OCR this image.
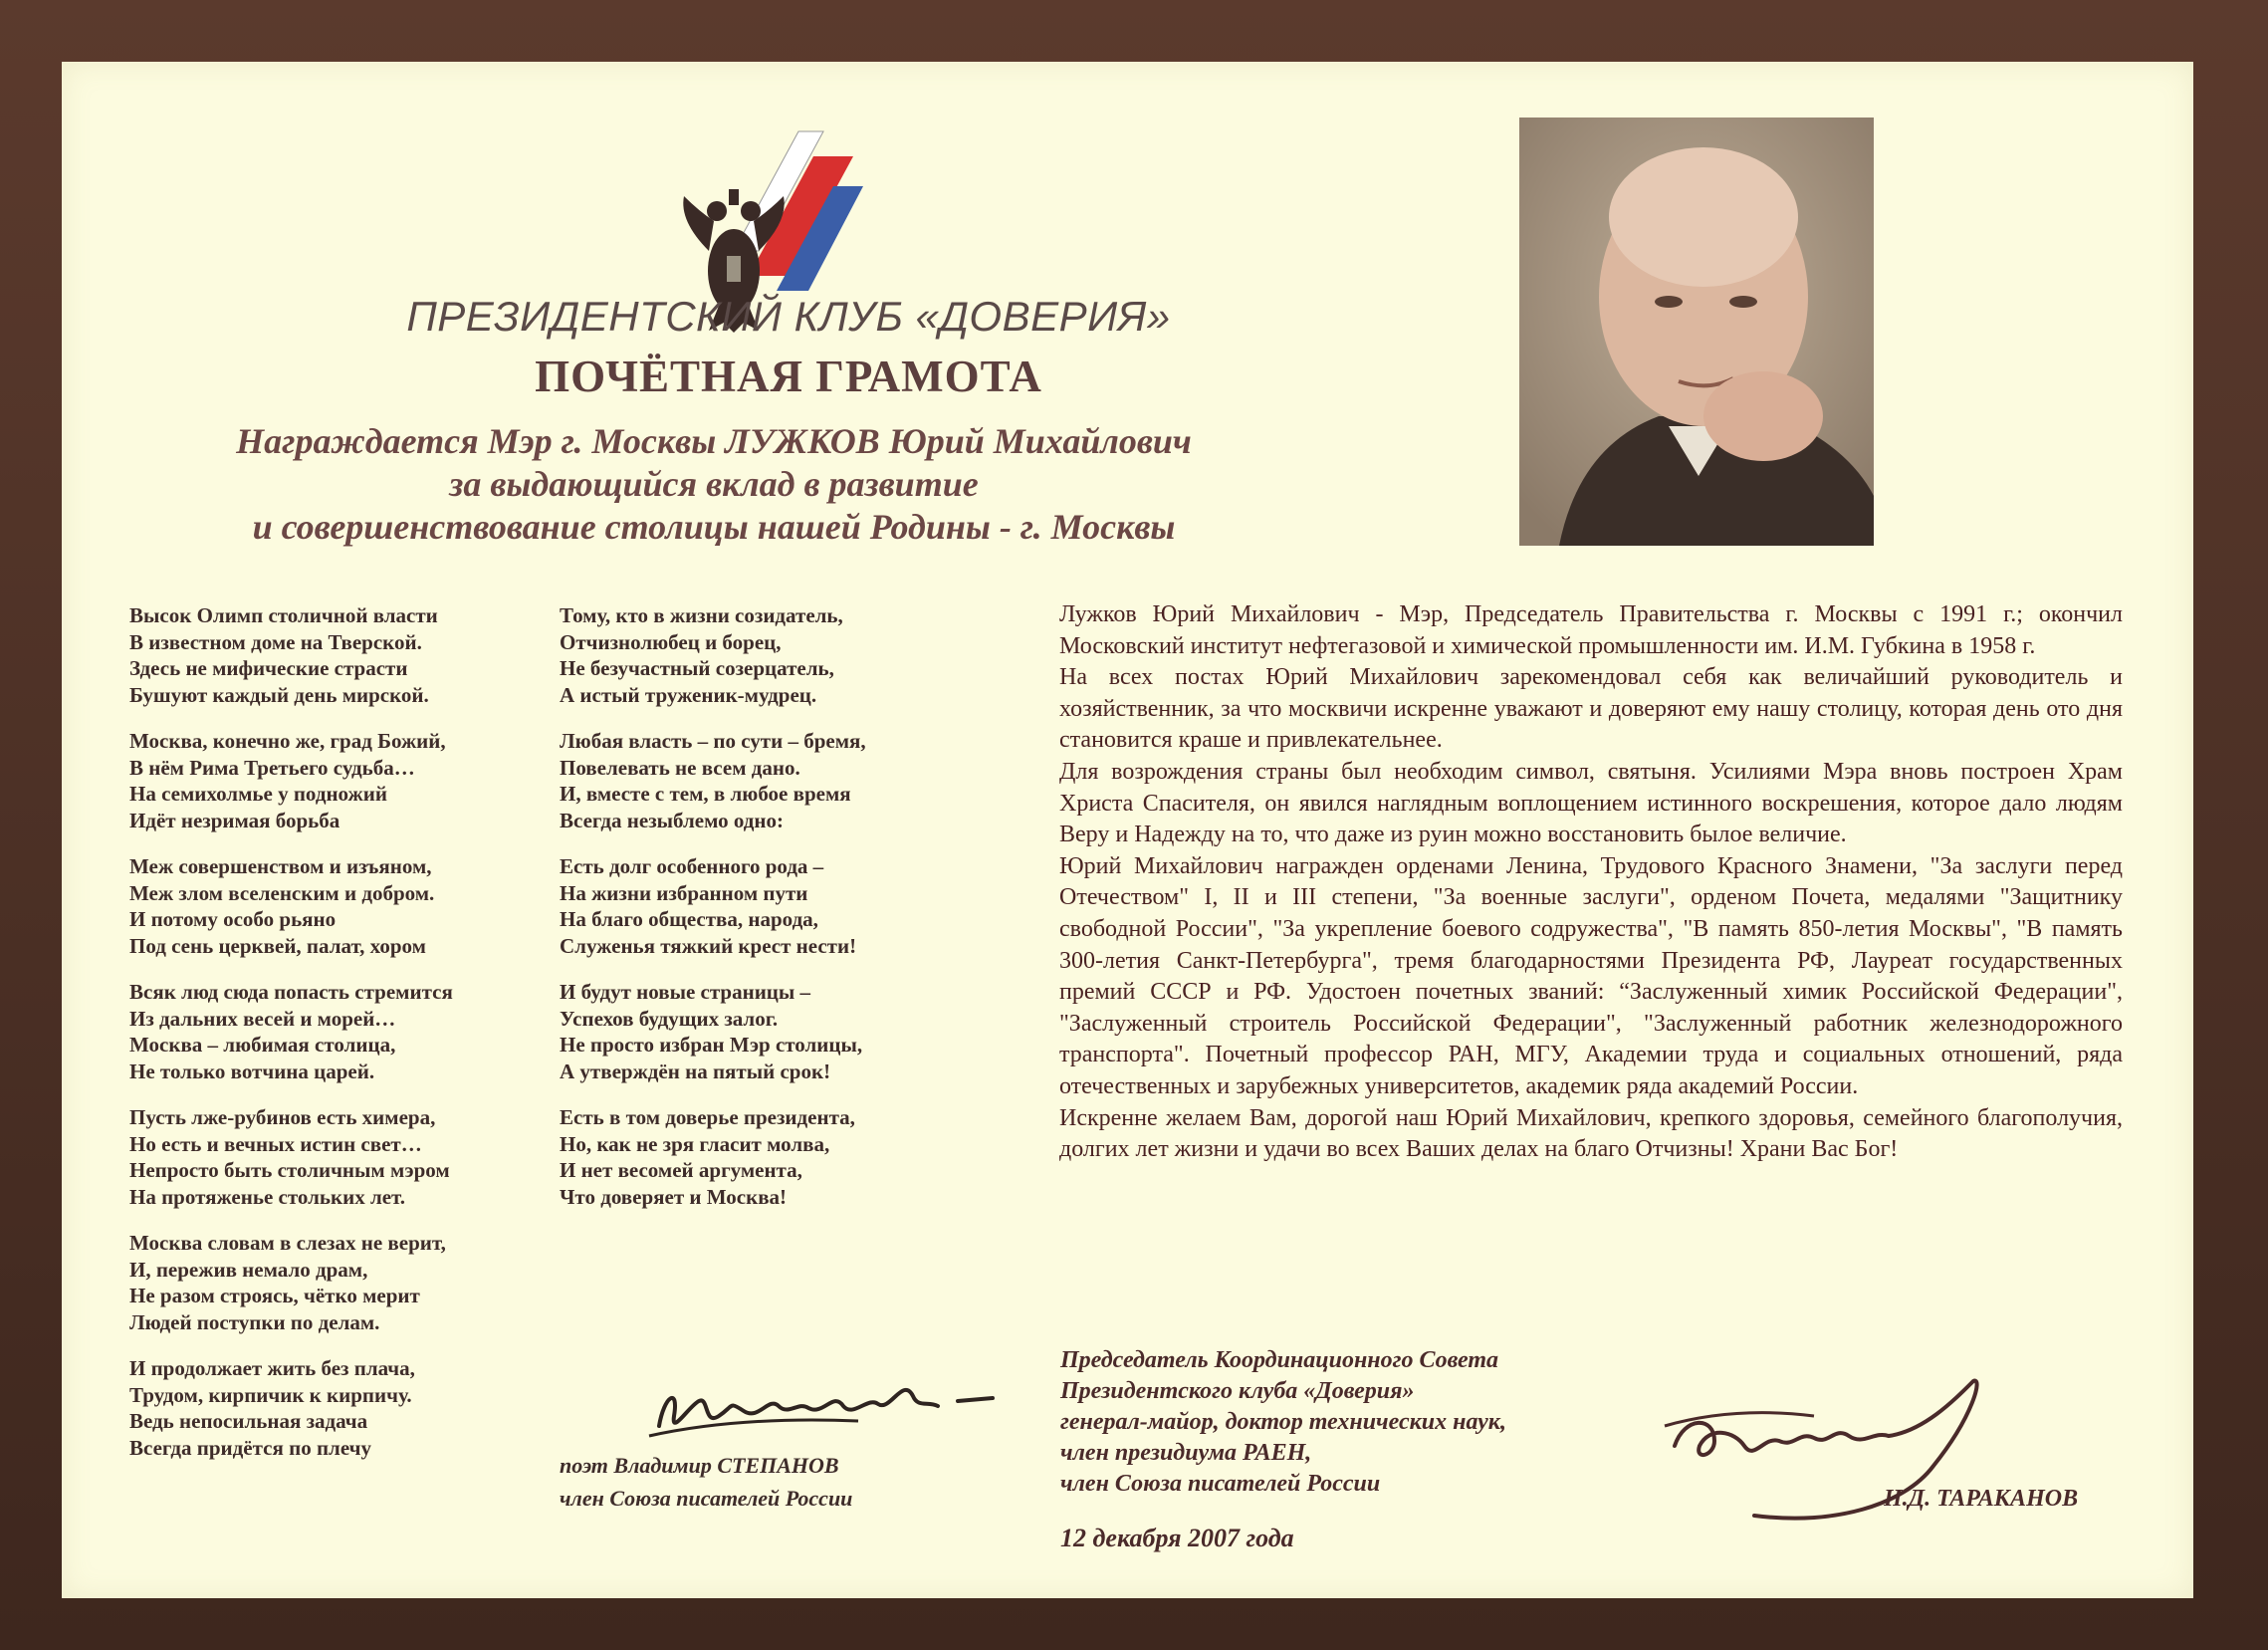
ПРЕЗИДЕНТСКИЙ КЛУБ «ДОВЕРИЯ»
ПОЧЁТНАЯ ГРАМОТА
Награждается Мэр г. Москвы ЛУЖКОВ Юрий Михайлович
за выдающийся вклад в развитие
и совершенствование столицы нашей Родины - г. Москвы
Высок Олимп столичной власти
В известном доме на Тверской.
Здесь не мифические страсти
Бушуют каждый день мирской.
Москва, конечно же, град Божий,
В нём Рима Третьего судьба…
На семихолмье у подножий
Идёт незримая борьба
Меж совершенством и изъяном,
Меж злом вселенским и добром.
И потому особо рьяно
Под сень церквей, палат, хором
Всяк люд сюда попасть стремится
Из дальних весей и морей…
Москва – любимая столица,
Не только вотчина царей.
Пусть лже-рубинов есть химера,
Но есть и вечных истин свет…
Непросто быть столичным мэром
На протяженье стольких лет.
Москва словам в слезах не верит,
И, пережив немало драм,
Не разом строясь, чётко мерит
Людей поступки по делам.
И продолжает жить без плача,
Трудом, кирпичик к кирпичу.
Ведь непосильная задача
Всегда придётся по плечу
Тому, кто в жизни созидатель,
Отчизнолюбец и борец,
Не безучастный созерцатель,
А истый труженик-мудрец.
Любая власть – по сути – бремя,
Повелевать не всем дано.
И, вместе с тем, в любое время
Всегда незыблемо одно:
Есть долг особенного рода –
На жизни избранном пути
На благо общества, народа,
Служенья тяжкий крест нести!
И будут новые страницы –
Успехов будущих залог.
Не просто избран Мэр столицы,
А утверждён на пятый срок!
Есть в том доверье президента,
Но, как не зря гласит молва,
И нет весомей аргумента,
Что доверяет и Москва!

Лужков Юрий Михайлович - Мэр, Председатель Правительства г. Москвы с 1991 г.; окончил Московский институт нефтегазовой и химической промышленности им. И.М. Губкина в 1958 г.

На всех постах Юрий Михайлович зарекомендовал себя как величайший руководитель и хозяйственник, за что москвичи искренне уважают и доверяют ему нашу столицу, которая день ото дня становится краше и привлекательнее.

Для возрождения страны был необходим символ, святыня. Усилиями Мэра вновь построен Храм Христа Спасителя, он явился наглядным воплощением истинного воскрешения, которое дало людям Веру и Надежду на то, что даже из руин можно восстановить былое величие.

Юрий Михайлович награжден орденами Ленина, Трудового Красного Знамени, "За заслуги перед Отечеством" I, II и III степени, "За военные заслуги", орденом Почета, медалями "Защитнику свободной России", "За укрепление боевого содружества", "В память 850-летия Москвы", "В память 300-летия Санкт-Петербурга", тремя благодарностями Президента РФ, Лауреат государственных премий СССР и РФ. Удостоен почетных званий: “Заслуженный химик Российской Федерации", "Заслуженный строитель Российской Федерации", "Заслуженный работник железнодорожного транспорта". Почетный профессор РАН, МГУ, Академии труда и социальных отношений, ряда отечественных и зарубежных университетов, академик ряда академий России.

Искренне желаем Вам, дорогой наш Юрий Михайлович, крепкого здоровья, семейного благополучия, долгих лет жизни и удачи во всех Ваших делах на благо Отчизны! Храни Вас Бог!

поэт Владимир СТЕПАНОВ
член Союза писателей России
Председатель Координационного Совета
Президентского клуба «Доверия»
генерал-майор, доктор технических наук,
член президиума РАЕН,
член Союза писателей России
Н.Д. ТАРАКАНОВ
12 декабря 2007 года
